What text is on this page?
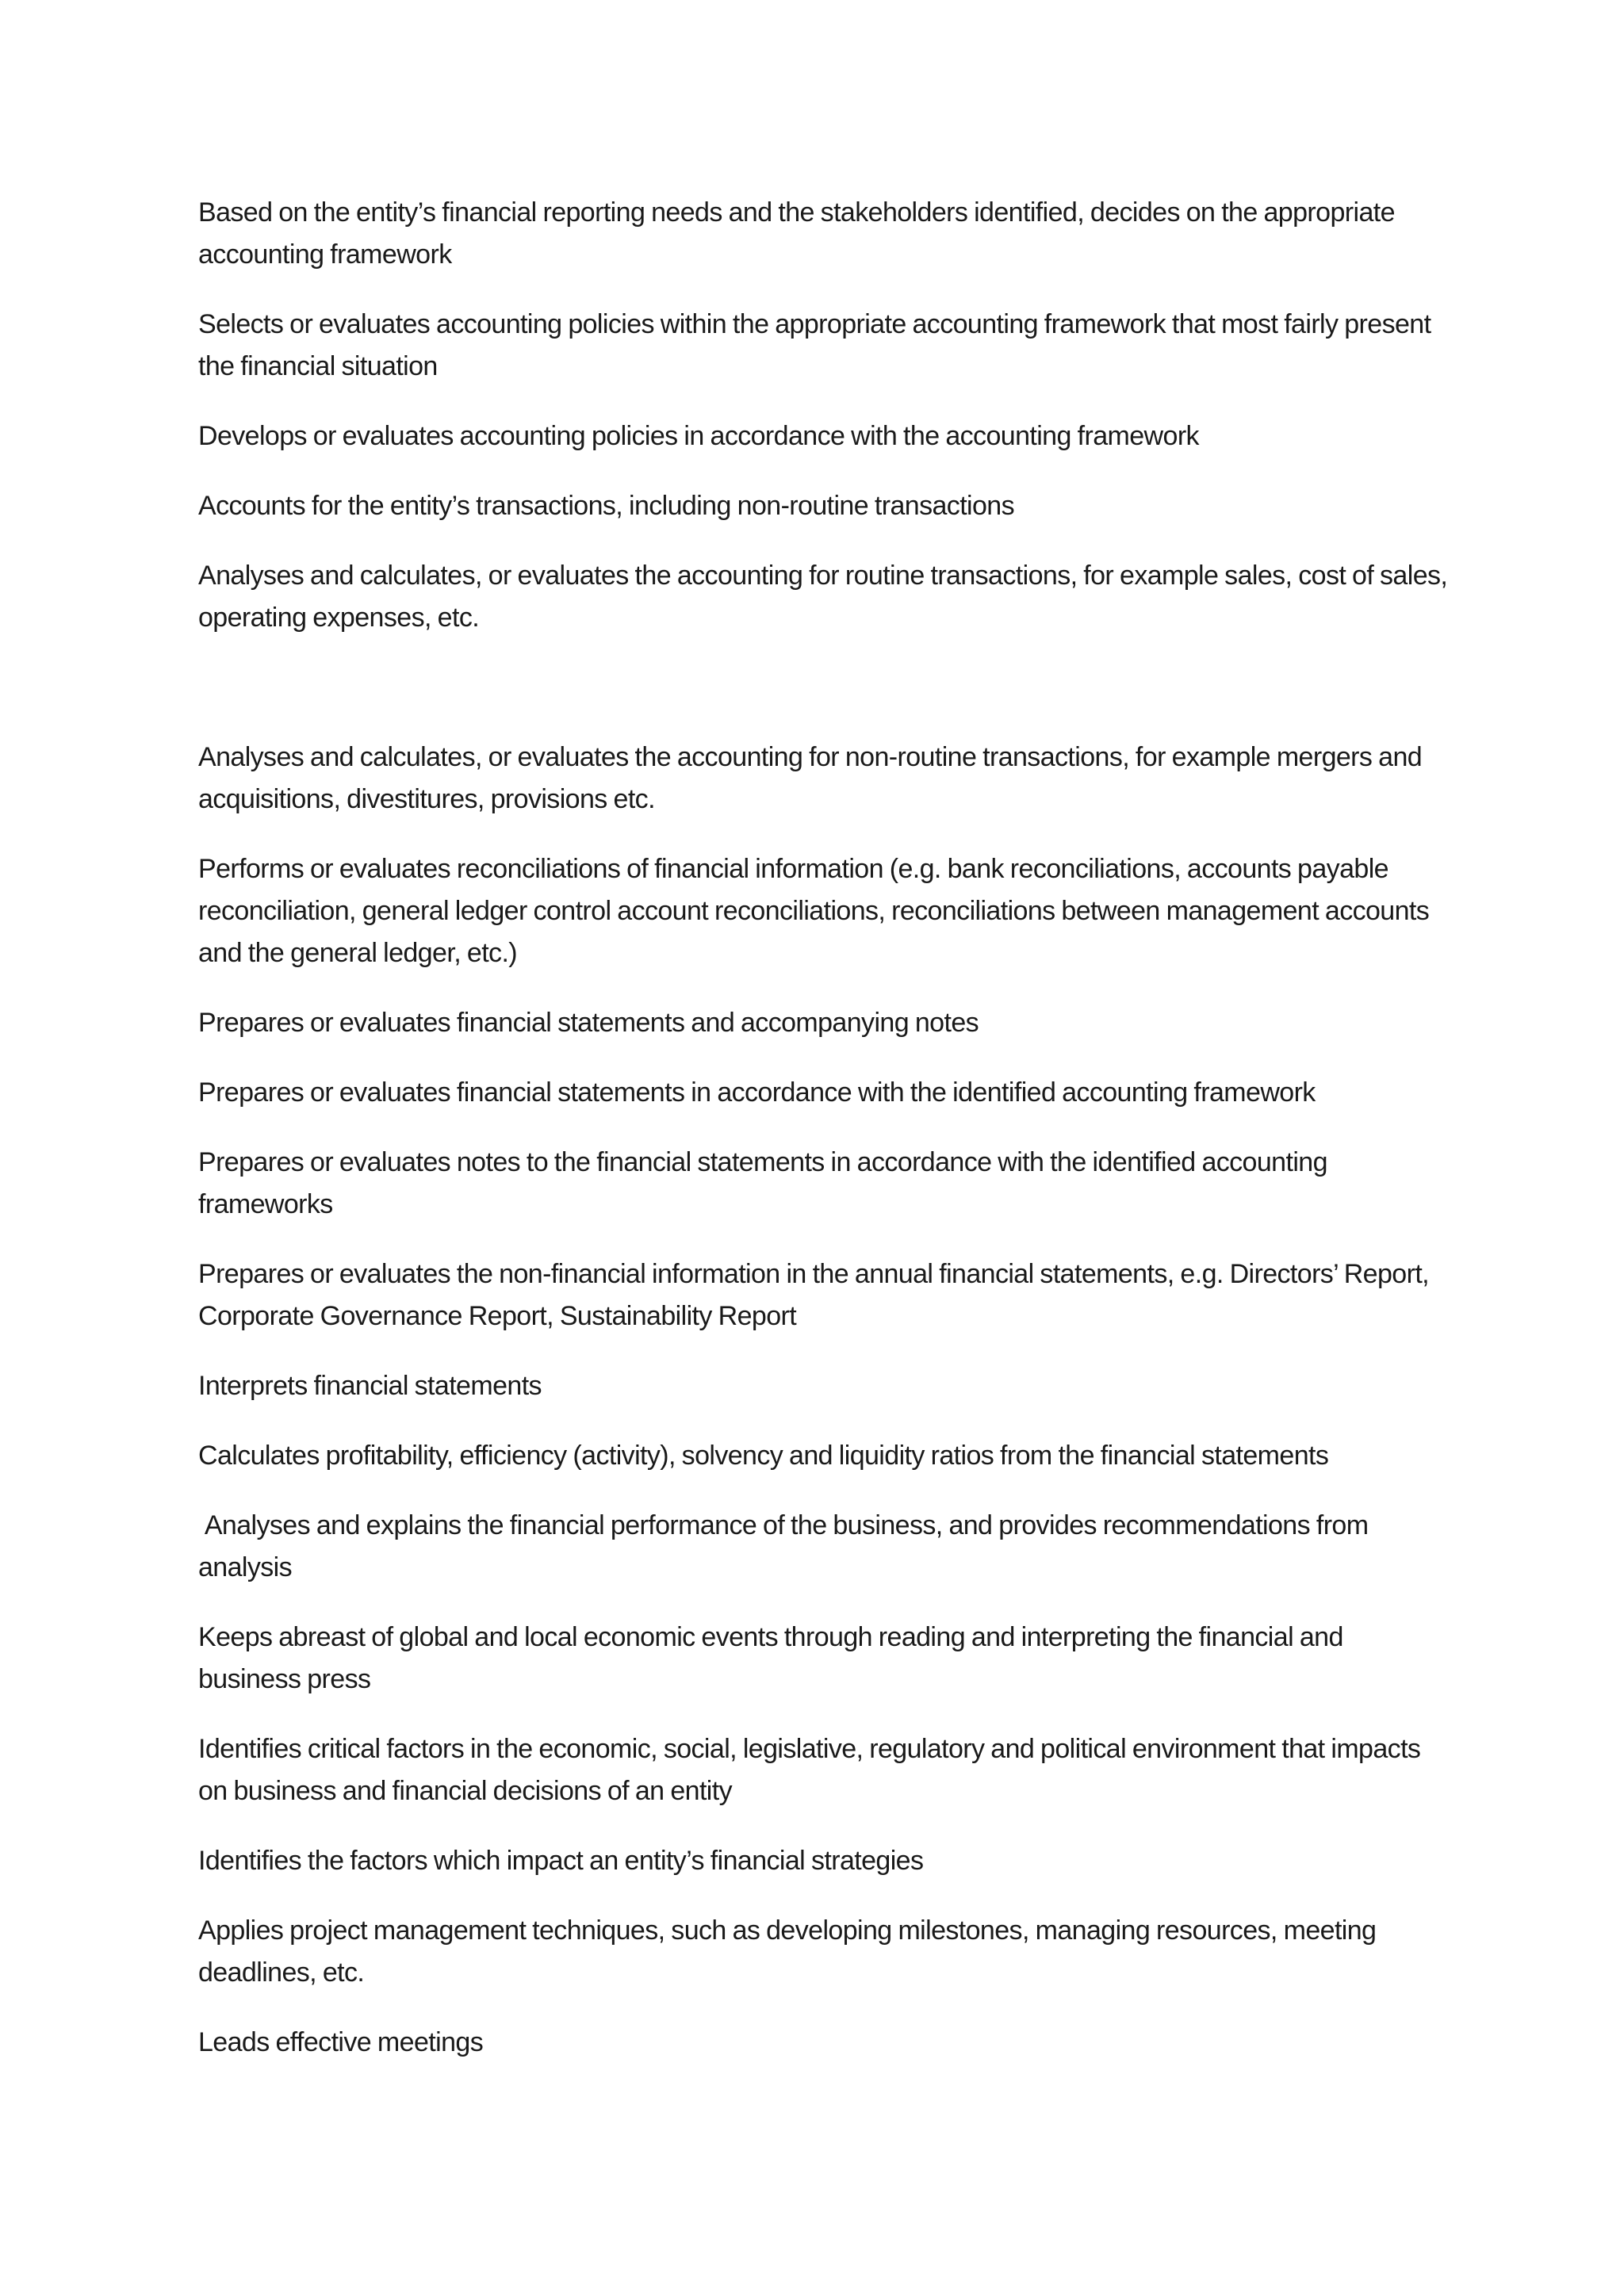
Based on the entity’s financial reporting needs and the stakeholders identified, decides on the appropriate accounting framework

Selects or evaluates accounting policies within the appropriate accounting framework that most fairly present the financial situation

Develops or evaluates accounting policies in accordance with the accounting framework

Accounts for the entity’s transactions, including non-routine transactions

Analyses and calculates, or evaluates the accounting for routine transactions, for example sales, cost of sales, operating expenses, etc.

Analyses and calculates, or evaluates the accounting for non-routine transactions, for example mergers and acquisitions, divestitures, provisions etc.

Performs or evaluates reconciliations of financial information (e.g. bank reconciliations, accounts payable reconciliation, general ledger control account reconciliations, reconciliations between management accounts and the general ledger, etc.)

Prepares or evaluates financial statements and accompanying notes

Prepares or evaluates financial statements in accordance with the identified accounting framework

Prepares or evaluates notes to the financial statements in accordance with the identified accounting frameworks

Prepares or evaluates the non-financial information in the annual financial statements, e.g. Directors’ Report, Corporate Governance Report, Sustainability Report

Interprets financial statements

Calculates profitability, efficiency (activity), solvency and liquidity ratios from the financial statements

Analyses and explains the financial performance of the business, and provides recommendations from analysis

Keeps abreast of global and local economic events through reading and interpreting the financial and business press

Identifies critical factors in the economic, social, legislative, regulatory and political environment that impacts on business and financial decisions of an entity

Identifies the factors which impact an entity’s financial strategies

Applies project management techniques, such as developing milestones, managing resources, meeting deadlines, etc.

Leads effective meetings
